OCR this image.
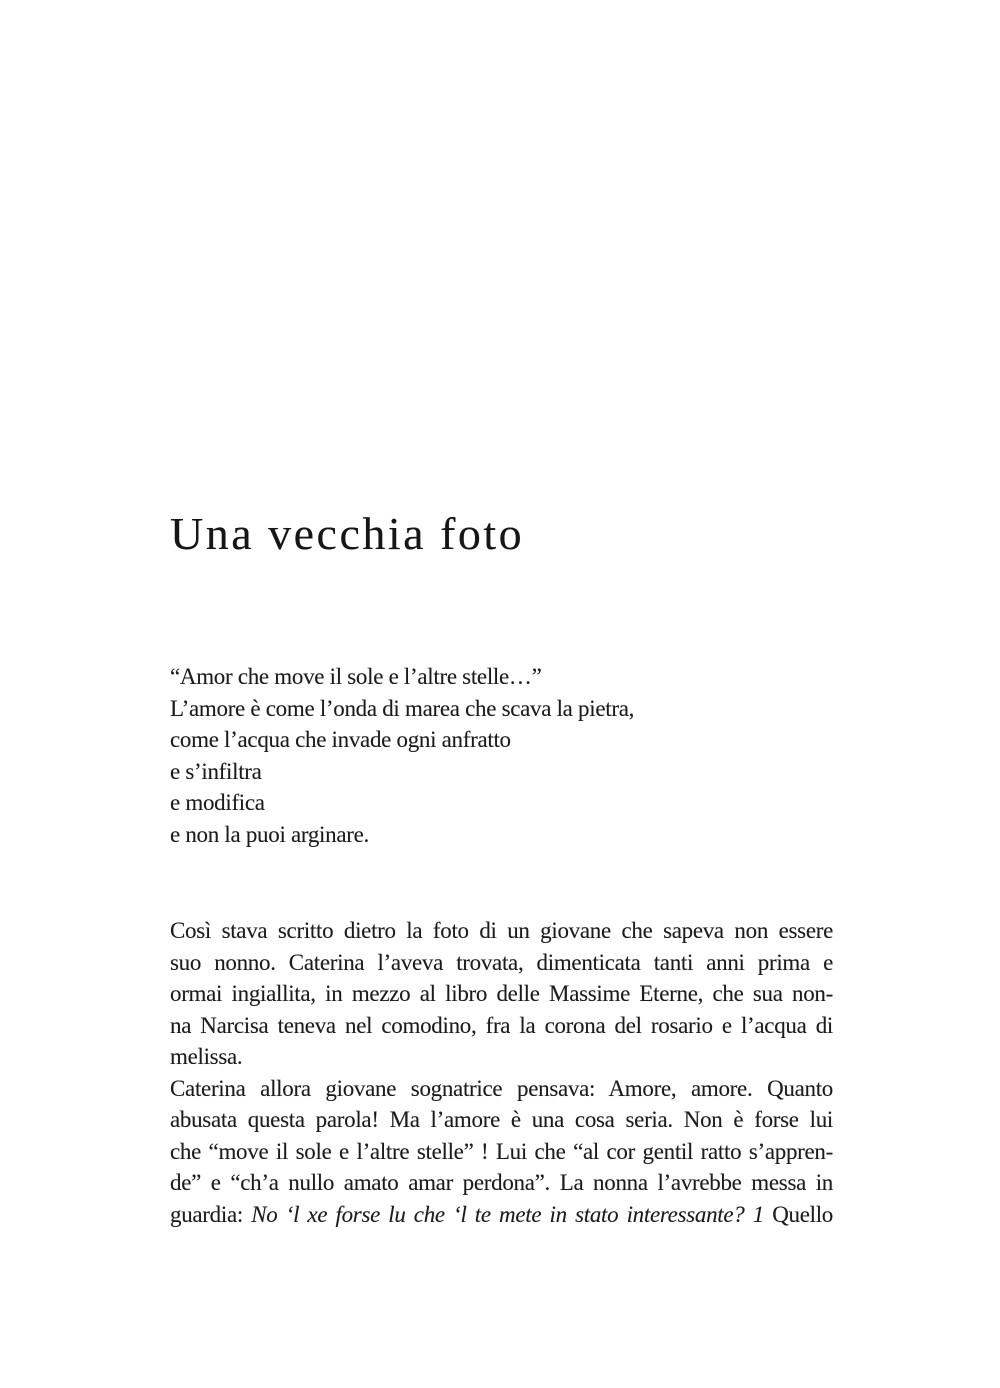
Una vecchia foto
“Amor che move il sole e l’altre stelle…”
L’amore è come l’onda di marea che scava la pietra,
come l’acqua che invade ogni anfratto
e s’infiltra
e modifica
e non la puoi arginare.
Così stava scritto dietro la foto di un giovane che sapeva non essere
suo nonno. Caterina l’aveva trovata, dimenticata tanti anni prima e
ormai ingiallita, in mezzo al libro delle Massime Eterne, che sua non-
na Narcisa teneva nel comodino, fra la corona del rosario e l’acqua di
melissa.
Caterina allora giovane sognatrice pensava: Amore, amore. Quanto
abusata questa parola! Ma l’amore è una cosa seria. Non è forse lui
che “move il sole e l’altre stelle” ! Lui che “al cor gentil ratto s’appren-
de” e “ch’a nullo amato amar perdona”. La nonna l’avrebbe messa in
guardia: No ‘l xe forse lu che ‘l te mete in stato interessante? 1 Quello
